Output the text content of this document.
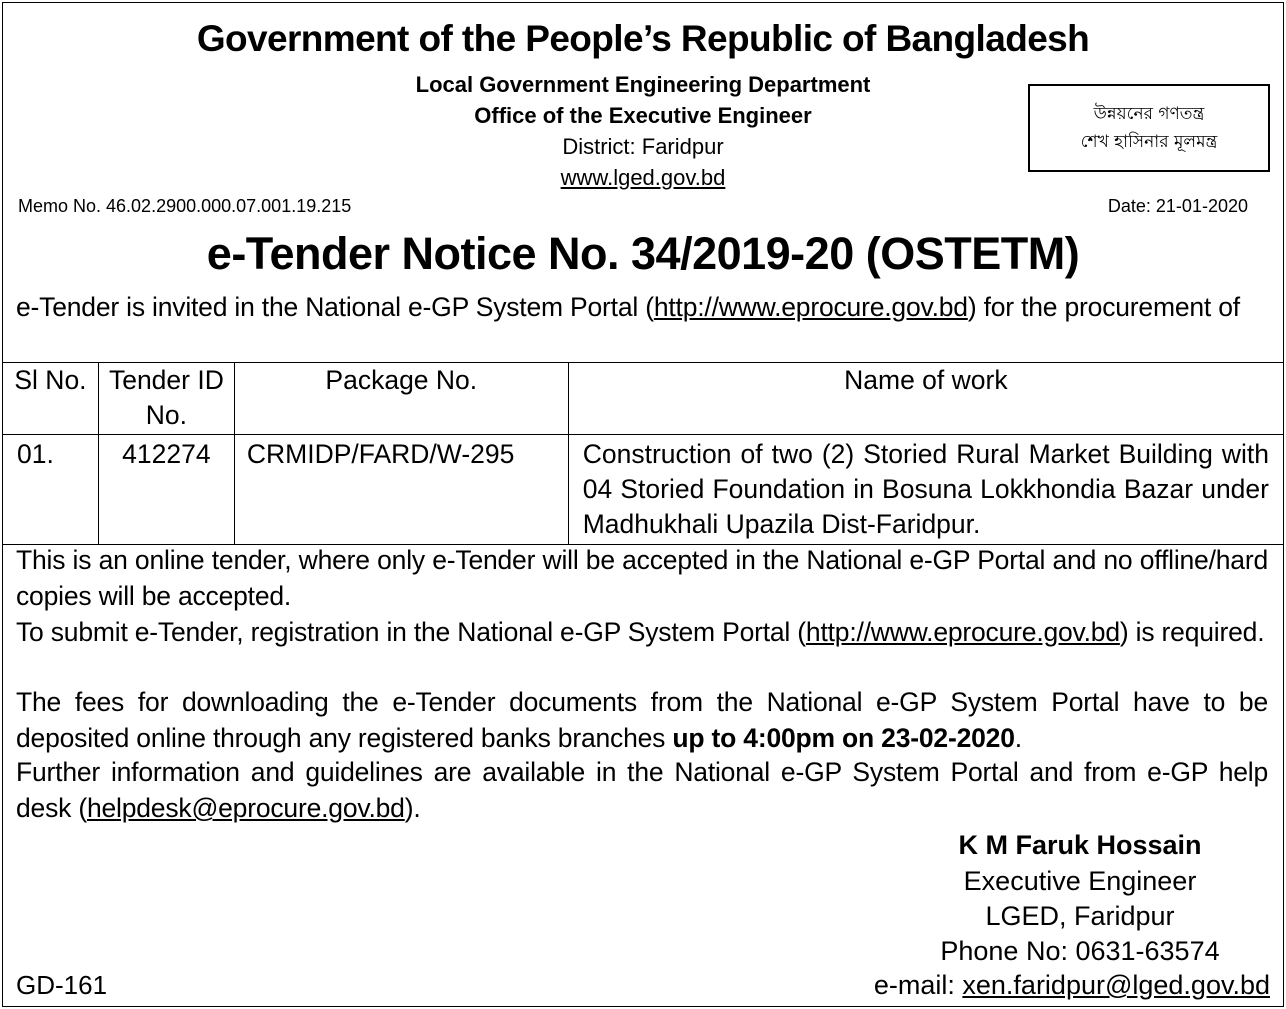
Government of the People’s Republic of Bangladesh
Local Government Engineering Department
Office of the Executive Engineer
District: Faridpur
www.lged.gov.bd
উন্নয়নের গণতন্ত্র
শেখ হাসিনার মূলমন্ত্র
Memo No. 46.02.2900.000.07.001.19.215	Date: 21-01-2020
e-Tender Notice No. 34/2019-20 (OSTETM)
e-Tender is invited in the National e-GP System Portal (http://www.eprocure.gov.bd) for the procurement of
Sl No.	Tender ID No.	Package No.	Name of work
01.	412274	CRMIDP/FARD/W-295	Construction of two (2) Storied Rural Market Building with 04 Storied Foundation in Bosuna Lokkhondia Bazar under Madhukhali Upazila Dist-Faridpur.
This is an online tender, where only e-Tender will be accepted in the National e-GP Portal and no offline/hard copies will be accepted.
To submit e-Tender, registration in the National e-GP System Portal (http://www.eprocure.gov.bd) is required.
The fees for downloading the e-Tender documents from the National e-GP System Portal have to be deposited online through any registered banks branches up to 4:00pm on 23-02-2020.
Further information and guidelines are available in the National e-GP System Portal and from e-GP help desk (helpdesk@eprocure.gov.bd).
K M Faruk Hossain
Executive Engineer
LGED, Faridpur
Phone No: 0631-63574
GD-161	e-mail: xen.faridpur@lged.gov.bd
